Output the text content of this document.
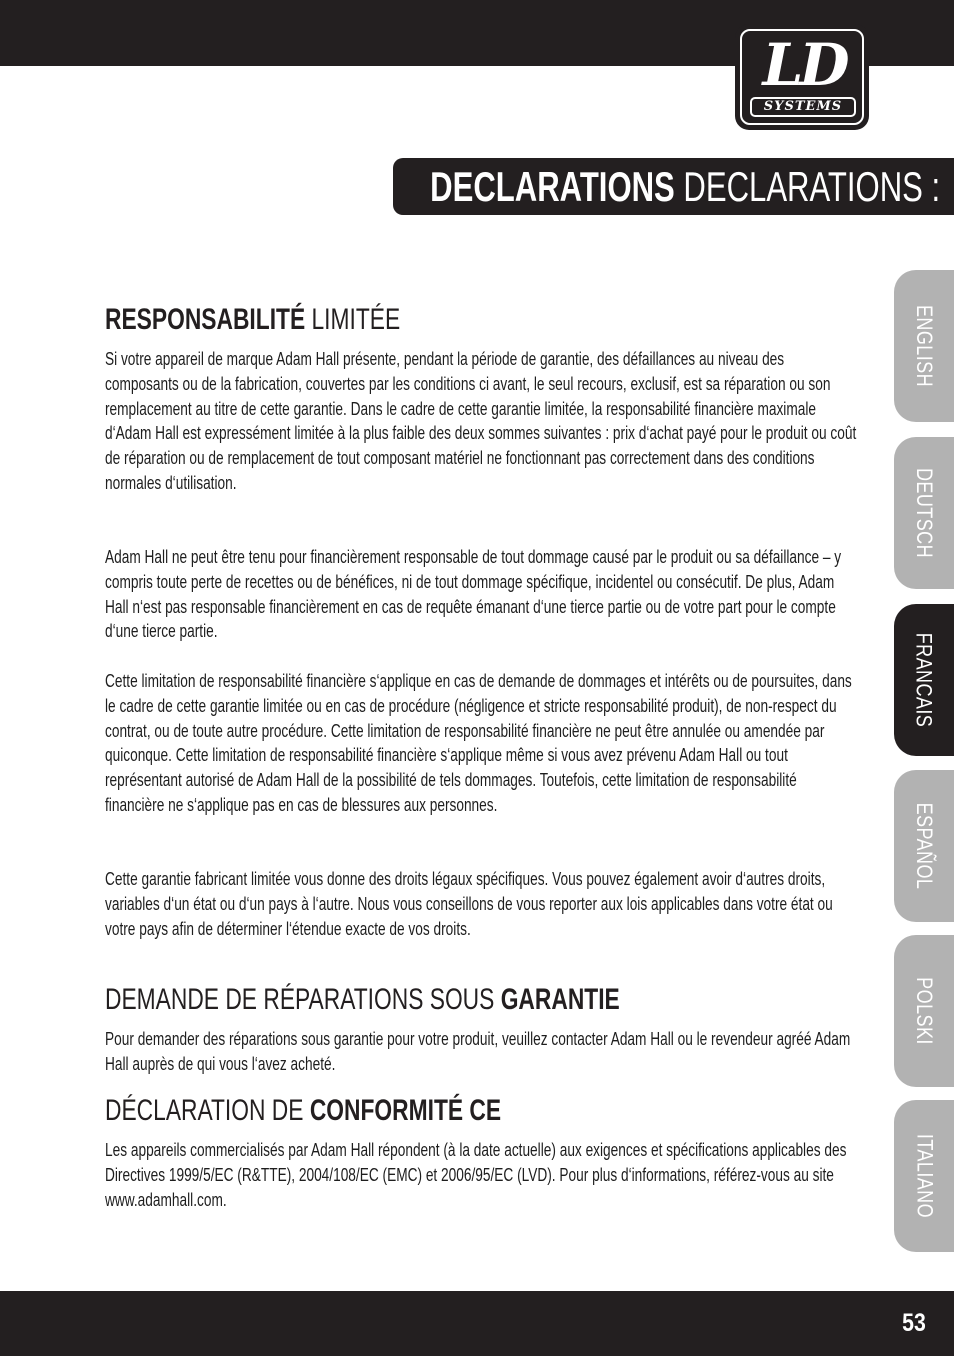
LD
SYSTEMS
DECLARATIONS DECLARATIONS :
RESPONSABILITÉ LIMITÉE

Si votre appareil de marque Adam Hall présente, pendant la période de garantie, des défaillances au niveau des composants ou de la fabrication, couvertes par les conditions ci avant, le seul recours, exclusif, est sa réparation ou son remplacement au titre de cette garantie. Dans le cadre de cette garantie limitée, la responsabilité financière maximale d‘Adam Hall est expressément limitée à la plus faible des deux sommes suivantes : prix d‘achat payé pour le produit ou coût de réparation ou de remplacement de tout composant matériel ne fonctionnant pas correctement dans des conditions normales d‘utilisation.

Adam Hall ne peut être tenu pour financièrement responsable de tout dommage causé par le produit ou sa défaillance – y compris toute perte de recettes ou de bénéfices, ni de tout dommage spécifique, incidentel ou consécutif. De plus, Adam Hall n‘est pas responsable financièrement en cas de requête émanant d‘une tierce partie ou de votre part pour le compte d‘une tierce partie.

Cette limitation de responsabilité financière s‘applique en cas de demande de dommages et intérêts ou de poursuites, dans le cadre de cette garantie limitée ou en cas de procédure (négligence et stricte responsabilité produit), de non-respect du contrat, ou de toute autre procédure. Cette limitation de responsabilité financière ne peut être annulée ou amendée par quiconque. Cette limitation de responsabilité financière s‘applique même si vous avez prévenu Adam Hall ou tout représentant autorisé de Adam Hall de la possibilité de tels dommages. Toutefois, cette limitation de responsabilité financière ne s‘applique pas en cas de blessures aux personnes.

Cette garantie fabricant limitée vous donne des droits légaux spécifiques. Vous pouvez également avoir d‘autres droits, variables d‘un état ou d‘un pays à l‘autre. Nous vous conseillons de vous reporter aux lois applicables dans votre état ou votre pays afin de déterminer l‘étendue exacte de vos droits.

DEMANDE DE RÉPARATIONS SOUS GARANTIE

Pour demander des réparations sous garantie pour votre produit, veuillez contacter Adam Hall ou le revendeur agréé Adam Hall auprès de qui vous l‘avez acheté.

DÉCLARATION DE CONFORMITÉ CE

Les appareils commercialisés par Adam Hall répondent (à la date actuelle) aux exigences et spécifications applicables des Directives 1999/5/EC (R&TTE), 2004/108/EC (EMC) et 2006/95/EC (LVD). Pour plus d‘informations, référez-vous au site www.adamhall.com.

ENGLISH
DEUTSCH
FRANCAIS
ESPAÑOL
POLSKI
ITALIANO
53
